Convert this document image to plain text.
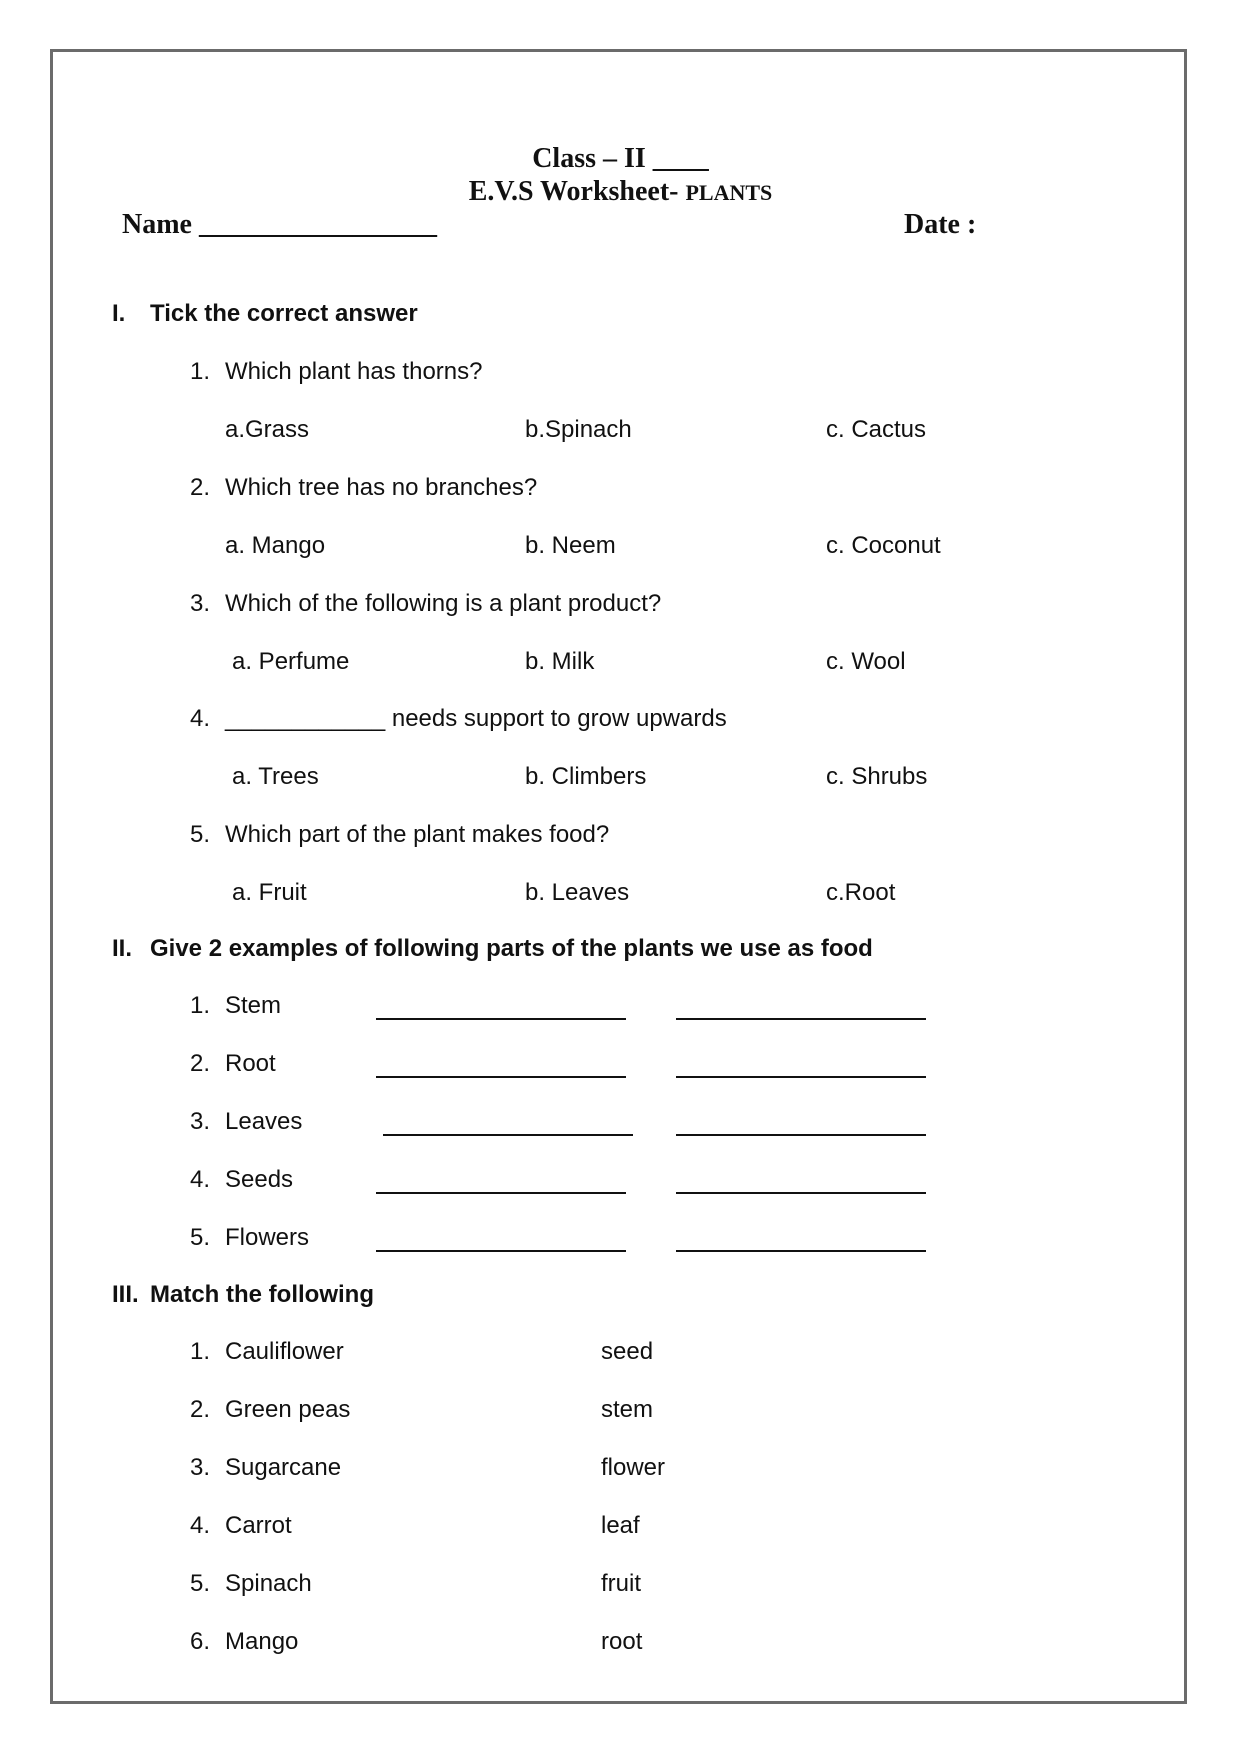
Class – II ____
E.V.S Worksheet- PLANTS
Name _________________	Date :
I. Tick the correct answer
1. Which plant has thorns?
a.Grass	b.Spinach	c. Cactus
2. Which tree has no branches?
a. Mango	b. Neem	c. Coconut
3. Which of the following is a plant product?
a. Perfume	b. Milk	c. Wool
4. ____________ needs support to grow upwards
a. Trees	b. Climbers	c. Shrubs
5. Which part of the plant makes food?
a. Fruit	b. Leaves	c.Root
II. Give 2 examples of following parts of the plants we use as food
1. Stem
2. Root
3. Leaves
4. Seeds
5. Flowers
III. Match the following
1. Cauliflower	seed
2. Green peas	stem
3. Sugarcane	flower
4. Carrot	leaf
5. Spinach	fruit
6. Mango	root
